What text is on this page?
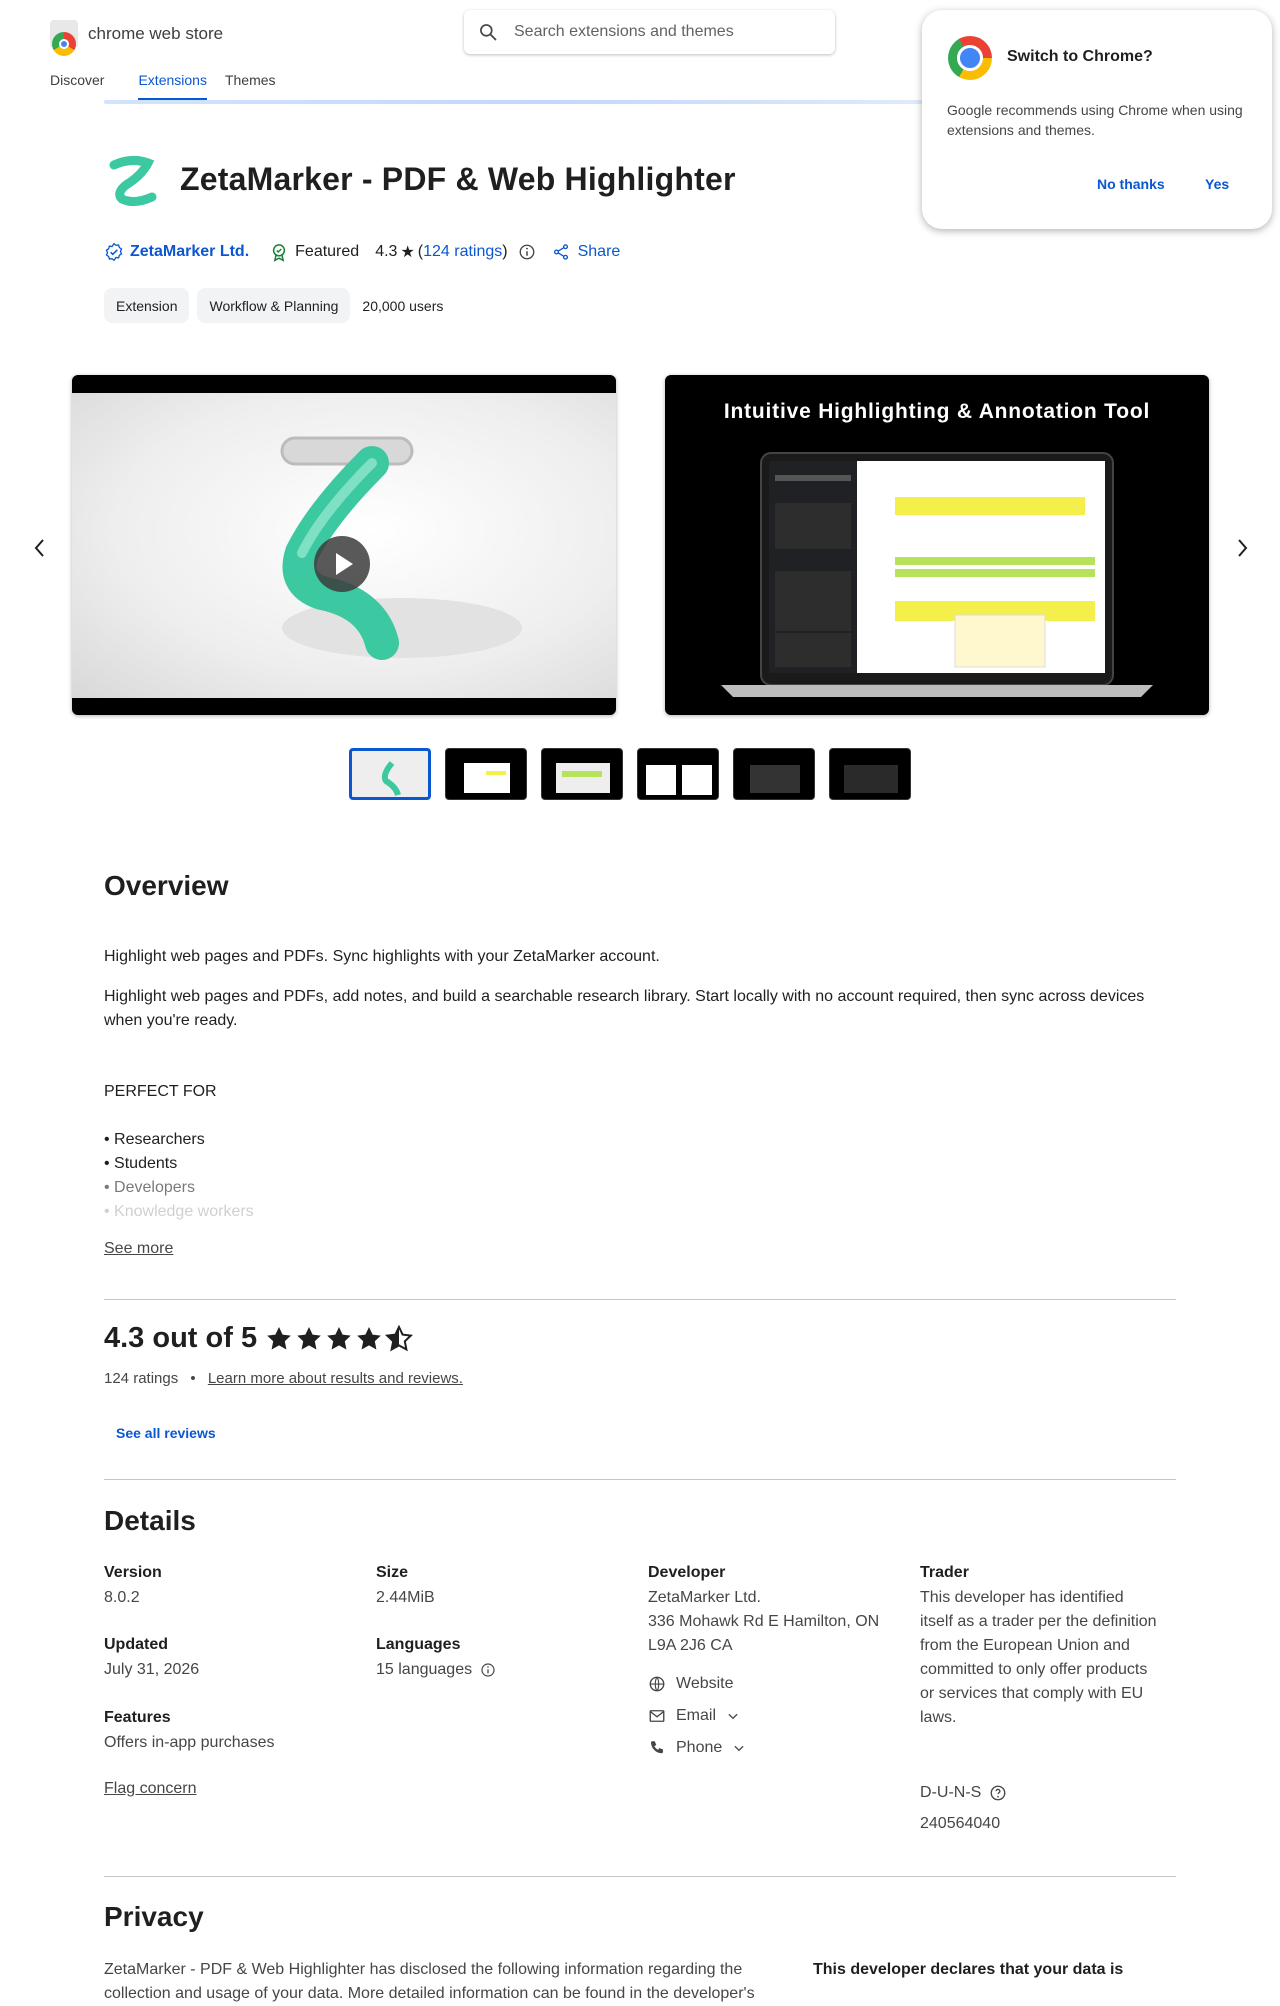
chrome web store
Search extensions and themes
Discover	Extensions Themes
Switch to Chrome?
Google recommends using Chrome when using extensions and themes.
No thanks	Yes
ZetaMarker - PDF & Web Highlighter
ZetaMarker Ltd.	Featured 4.3 ★ ( 124 ratings )	Share
Extension	Workflow & Planning	20,000 users
Intuitive Highlighting & Annotation Tool
Overview
Highlight web pages and PDFs. Sync highlights with your ZetaMarker account.
Highlight web pages and PDFs, add notes, and build a searchable research library. Start locally with no account required, then sync across devices when you're ready.
PERFECT FOR
• Researchers
• Students
• Developers
• Knowledge workers
See more
4.3 out of 5
124 ratings • Learn more about results and reviews.
See all reviews
Details
Version
8.0.2
Updated
July 31, 2026
Features
Offers in-app purchases
Size
2.44MiB
Languages
15 languages
Developer
ZetaMarker Ltd.
336 Mohawk Rd E Hamilton, ON
L9A 2J6 CA
Website
Email
Phone
Trader
This developer has identified itself as a trader per the definition from the European Union and committed to only offer products or services that comply with EU laws.
D-U-N-S
240564040
Flag concern
Privacy
ZetaMarker - PDF & Web Highlighter has disclosed the following information regarding the collection and usage of your data. More detailed information can be found in the developer's
This developer declares that your data is
